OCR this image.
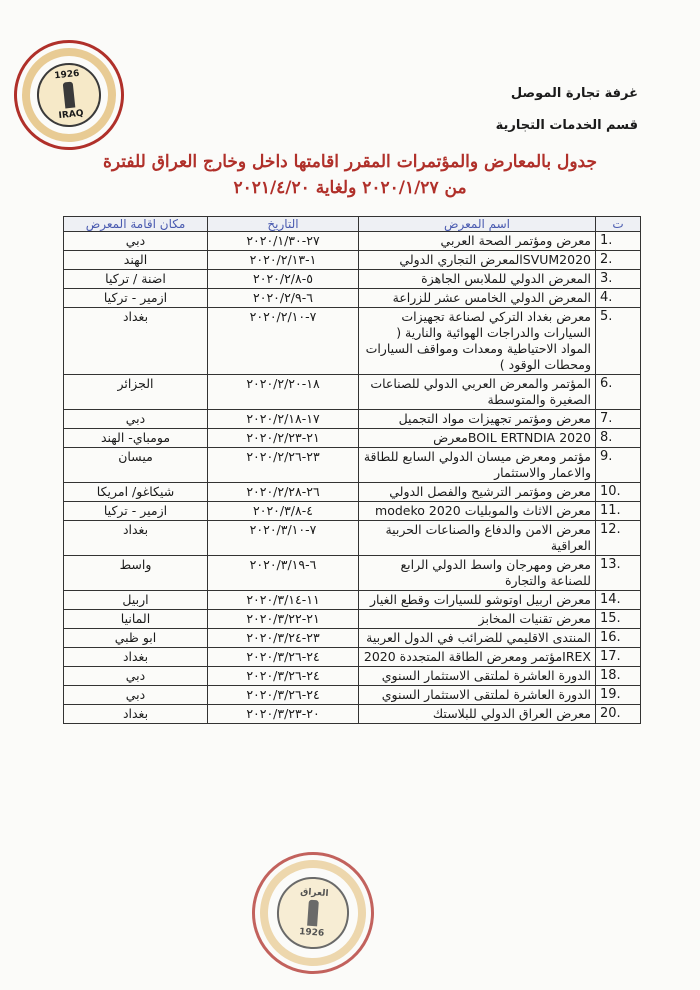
1926
IRAQ
غرفة تجارة الموصل
قسم الخدمات التجارية
جدول بالمعارض والمؤتمرات المقرر اقامتها داخل وخارج العراق للفترة
من ٢٠٢٠/١/٢٧ ولغاية ٢٠٢١/٤/٢٠
ت	اسم المعرض	التاريخ	مكان اقامة المعرض
1.	معرض ومؤتمر الصحة العربي	٢٧-٢٠٢٠/١/٣٠	دبي
2.	SVUM2020المعرض التجاري الدولي	١-٢٠٢٠/٢/١٣	الهند
3.	المعرض الدولي للملابس الجاهزة	٥-٢٠٢٠/٢/٨	اضنة / تركيا
4.	المعرض الدولي الخامس عشر للزراعة	٦-٢٠٢٠/٢/٩	ازمير - تركيا
5.	معرض بغداد التركي لصناعة تجهيزات السيارات والدراجات الهوائية والنارية ( المواد الاحتياطية ومعدات ومواقف السيارات ومحطات الوقود )	٧-٢٠٢٠/٢/١٠	بغداد
6.	المؤتمر والمعرض العربي الدولي للصناعات الصغيرة والمتوسطة	١٨-٢٠٢٠/٢/٢٠	الجزائر
7.	معرض ومؤتمر تجهيزات مواد التجميل	١٧-٢٠٢٠/٢/١٨	دبي
8.	2020 BOIL ERTNDIAمعرض	٢١-٢٠٢٠/٢/٢٣	مومباي- الهند
9.	مؤتمر ومعرض ميسان الدولي السابع للطاقة والاعمار والاستثمار	٢٣-٢٠٢٠/٢/٢٦	ميسان
10.	معرض ومؤتمر الترشيح والفصل الدولي	٢٦-٢٠٢٠/٢/٢٨	شيكاغو/ امريكا
11.	معرض الاثاث والموبليات modeko 2020	٤-٢٠٢٠/٣/٨	ازمير - تركيا
12.	معرض الامن والدفاع والصناعات الحربية العراقية	٧-٢٠٢٠/٣/١٠	بغداد
13.	معرض ومهرجان واسط الدولي الرابع للصناعة والتجارة	٦-٢٠٢٠/٣/١٩	واسط
14.	معرض اربيل اوتوشو للسيارات وقطع الغيار	١١-٢٠٢٠/٣/١٤	اربيل
15.	معرض تقنيات المخابز	٢١-٢٠٢٠/٣/٢٢	المانيا
16.	المنتدى الاقليمي للضرائب في الدول العربية	٢٣-٢٠٢٠/٣/٢٤	ابو ظبي
17.	IREXمؤتمر ومعرض الطاقة المتجددة 2020	٢٤-٢٠٢٠/٣/٢٦	بغداد
18.	الدورة العاشرة لملتقى الاستثمار السنوي	٢٤-٢٠٢٠/٣/٢٦	دبي
19.	الدورة العاشرة لملتقى الاستثمار السنوي	٢٤-٢٠٢٠/٣/٢٦	دبي
20.	معرض العراق الدولي للبلاستك	٢٠-٢٠٢٠/٣/٢٣	بغداد
العراق
1926
